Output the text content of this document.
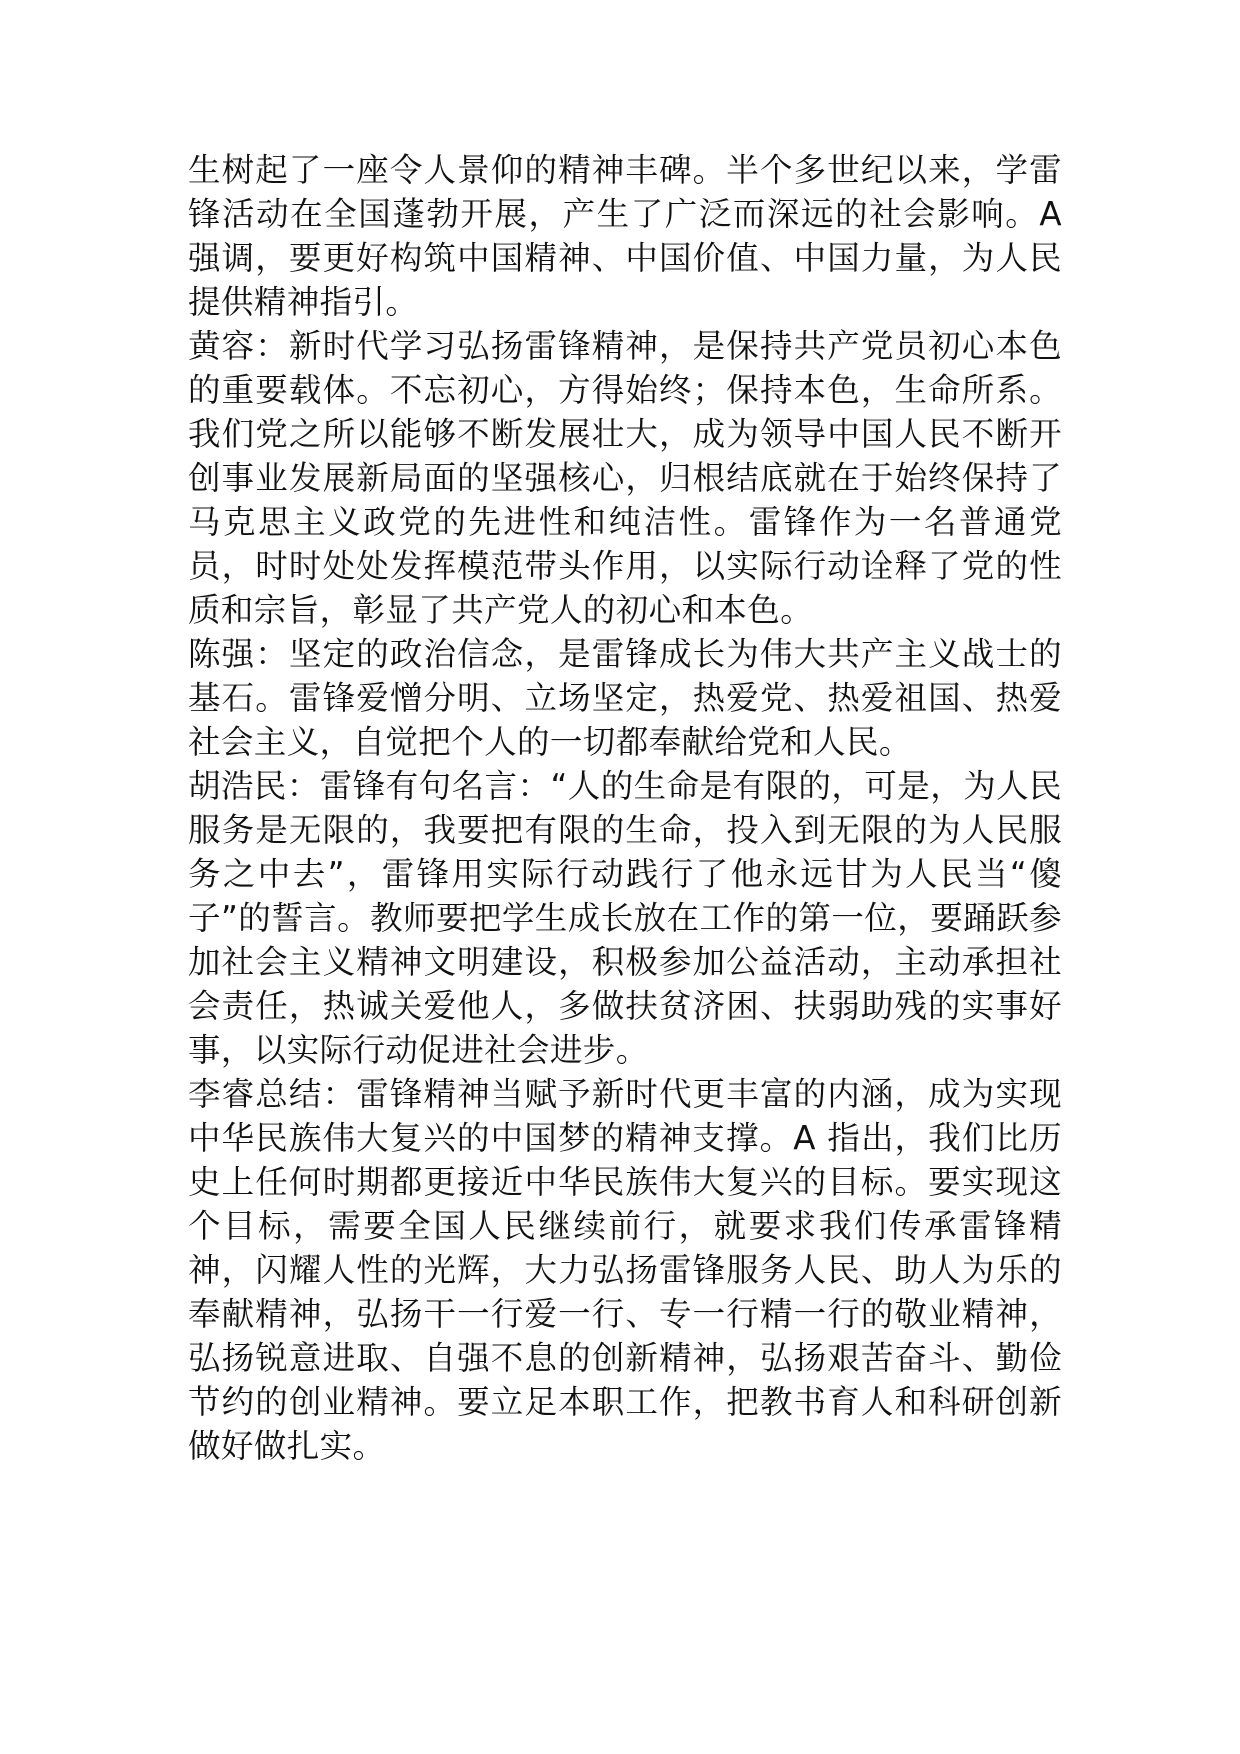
生树起了一座令人景仰的精神丰碑。半个多世纪以来，学雷锋活动在全国蓬勃开展，产生了广泛而深远的社会影响。A 强调，要更好构筑中国精神、中国价值、中国力量，为人民提供精神指引。

黄容：新时代学习弘扬雷锋精神，是保持共产党员初心本色的重要载体。不忘初心，方得始终；保持本色，生命所系。我们党之所以能够不断发展壮大，成为领导中国人民不断开创事业发展新局面的坚强核心，归根结底就在于始终保持了马克思主义政党的先进性和纯洁性。雷锋作为一名普通党员，时时处处发挥模范带头作用，以实际行动诠释了党的性质和宗旨，彰显了共产党人的初心和本色。

陈强：坚定的政治信念，是雷锋成长为伟大共产主义战士的基石。雷锋爱憎分明、立场坚定，热爱党、热爱祖国、热爱社会主义，自觉把个人的一切都奉献给党和人民。

胡浩民：雷锋有句名言：“人的生命是有限的，可是，为人民服务是无限的，我要把有限的生命，投入到无限的为人民服务之中去”，雷锋用实际行动践行了他永远甘为人民当“傻子”的誓言。教师要把学生成长放在工作的第一位，要踊跃参加社会主义精神文明建设，积极参加公益活动，主动承担社会责任，热诚关爱他人，多做扶贫济困、扶弱助残的实事好事，以实际行动促进社会进步。

李睿总结：雷锋精神当赋予新时代更丰富的内涵，成为实现中华民族伟大复兴的中国梦的精神支撑。A 指出，我们比历史上任何时期都更接近中华民族伟大复兴的目标。要实现这个目标，需要全国人民继续前行，就要求我们传承雷锋精神，闪耀人性的光辉，大力弘扬雷锋服务人民、助人为乐的奉献精神，弘扬干一行爱一行、专一行精一行的敬业精神，弘扬锐意进取、自强不息的创新精神，弘扬艰苦奋斗、勤俭节约的创业精神。要立足本职工作，把教书育人和科研创新做好做扎实。
